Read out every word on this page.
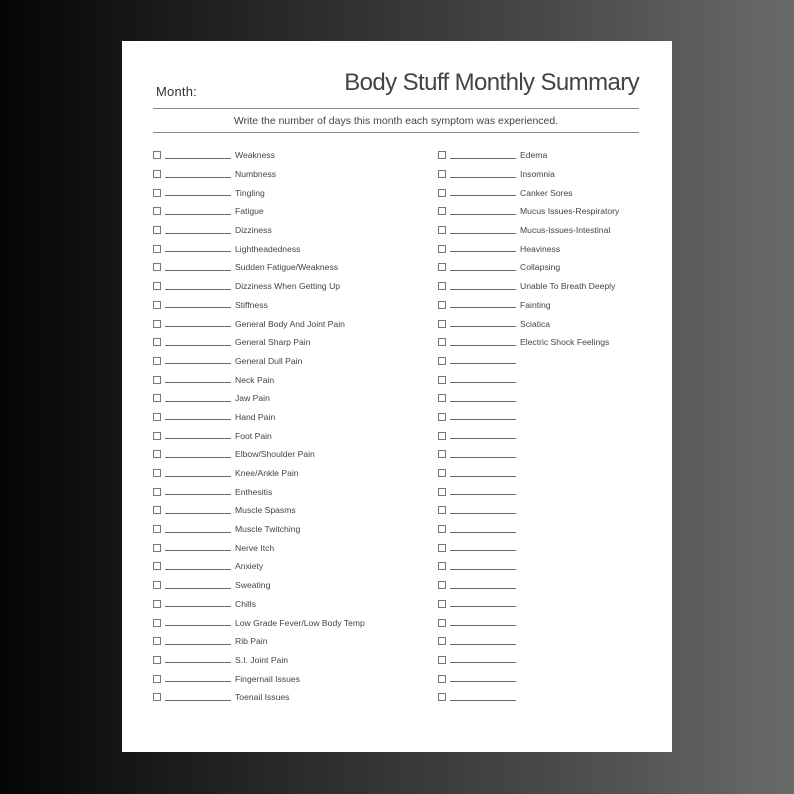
Month:	Body Stuff Monthly Summary
Write the number of days this month each symptom was experienced.
Weakness
Numbness
Tingling
Fatigue
Dizziness
Lightheadedness
Sudden Fatigue/Weakness
Dizziness When Getting Up
Stiffness
General Body And Joint Pain
General Sharp Pain
General Dull Pain
Neck Pain
Jaw Pain
Hand Pain
Foot Pain
Elbow/Shoulder Pain
Knee/Ankle Pain
Enthesitis
Muscle Spasms
Muscle Twitching
Nerve Itch
Anxiety
Sweating
Chills
Low Grade Fever/Low Body Temp
Rib Pain
S.I. Joint Pain
Fingernail Issues
Toenail Issues
Edema
Insomnia
Canker Sores
Mucus Issues-Respiratory
Mucus-Issues-Intestinal
Heaviness
Collapsing
Unable To Breath Deeply
Fainting
Sciatica
Electric Shock Feelings
